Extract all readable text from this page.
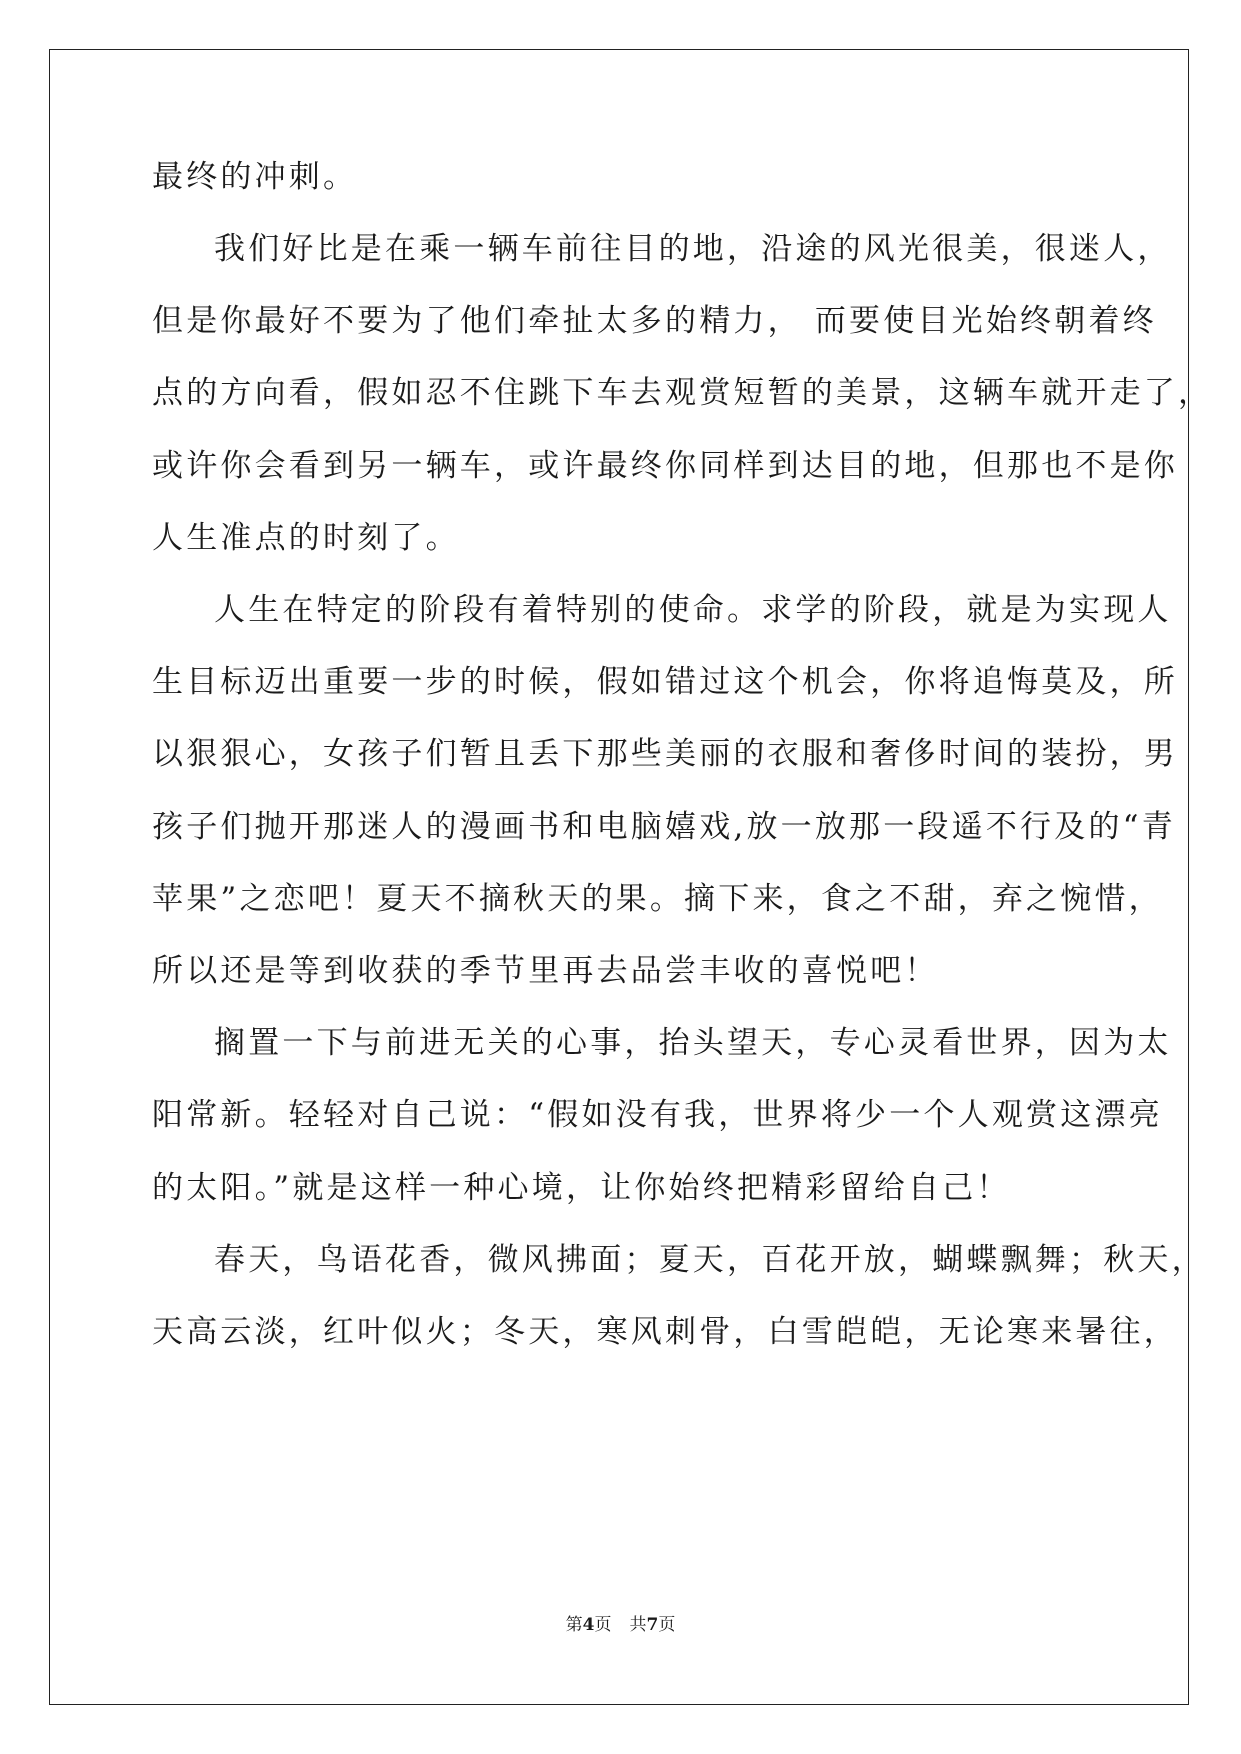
最终的冲刺。
我们好比是在乘一辆车前往目的地，沿途的风光很美，很迷人，
但是你最好不要为了他们牵扯太多的精力， 而要使目光始终朝着终
点的方向看，假如忍不住跳下车去观赏短暂的美景，这辆车就开走了，
或许你会看到另一辆车，或许最终你同样到达目的地，但那也不是你
人生准点的时刻了。
人生在特定的阶段有着特别的使命。求学的阶段，就是为实现人
生目标迈出重要一步的时候，假如错过这个机会，你将追悔莫及，所
以狠狠心，女孩子们暂且丢下那些美丽的衣服和奢侈时间的装扮，男
孩子们抛开那迷人的漫画书和电脑嬉戏,放一放那一段遥不行及的“青
苹果”之恋吧！夏天不摘秋天的果。摘下来，食之不甜，弃之惋惜，
所以还是等到收获的季节里再去品尝丰收的喜悦吧！
搁置一下与前进无关的心事，抬头望天，专心灵看世界，因为太
阳常新。轻轻对自己说：“假如没有我，世界将少一个人观赏这漂亮
的太阳。”就是这样一种心境，让你始终把精彩留给自己！
春天，鸟语花香，微风拂面；夏天，百花开放，蝴蝶飘舞；秋天，
天高云淡，红叶似火；冬天，寒风刺骨，白雪皑皑，无论寒来暑往，
第4页 共7页
